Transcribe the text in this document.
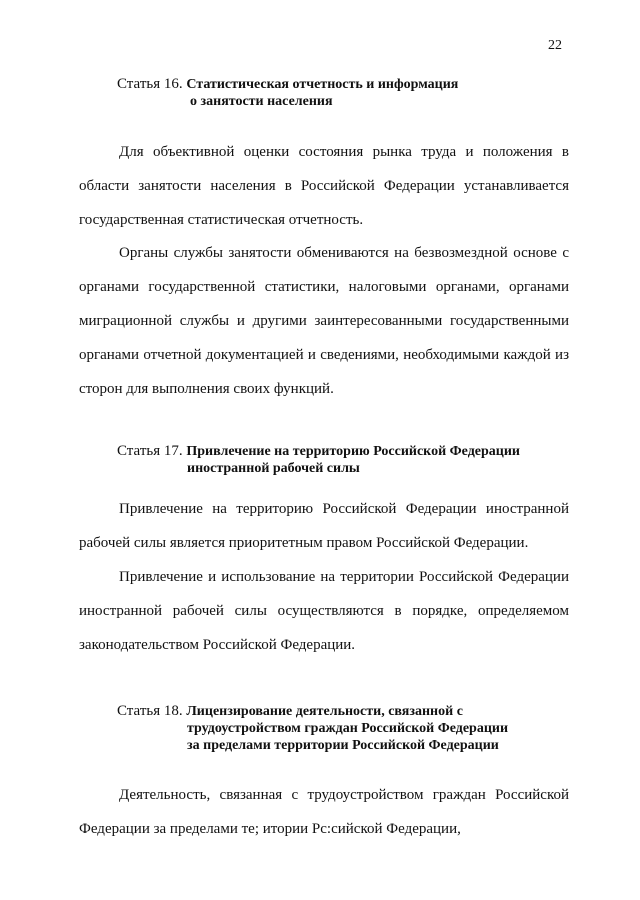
22
Статья 16. Статистическая отчетность и информация
о занятости населения

Для объективной оценки состояния рынка труда и положения в области занятости населения в Российской Федерации устанавливается государственная статистическая отчетность.

Органы службы занятости обмениваются на безвозмездной основе с органами государственной статистики, налоговыми органами, органами миграционной службы и другими заинтересованными государственными органами отчетной документацией и сведениями, необходимыми каждой из сторон для выполнения своих функций.

Статья 17. Привлечение на территорию Российской Федерации
иностранной рабочей силы

Привлечение на территорию Российской Федерации иностранной рабочей силы является приоритетным правом Российской Федерации.

Привлечение и использование на территории Российской Федерации иностранной рабочей силы осуществляются в порядке, определяемом законодательством Российской Федерации.

Статья 18. Лицензирование деятельности, связанной с
трудоустройством граждан Российской Федерации
за пределами территории Российской Федерации

Деятельность, связанная с трудоустройством граждан Российской Федерации за пределами те; итории Рс:сийской Федерации,
